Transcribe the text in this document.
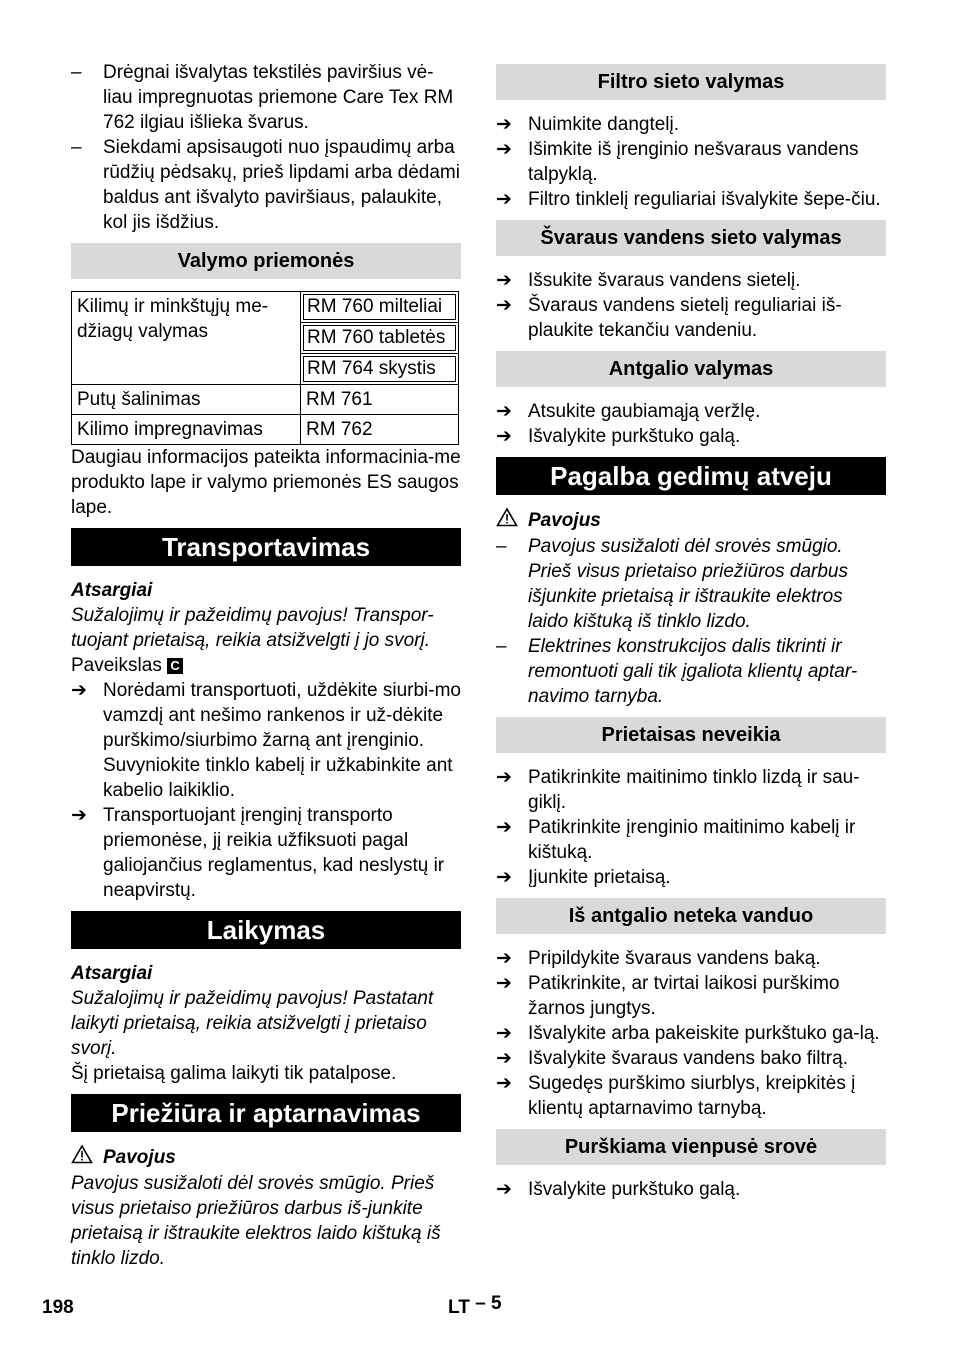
–	Drėgnai išvalytas tekstilės paviršius vė-liau impregnuotas priemone Care Tex RM 762 ilgiau išlieka švarus.
–	Siekdami apsisaugoti nuo įspaudimų arba rūdžių pėdsakų, prieš lipdami arba dėdami baldus ant išvalyto paviršiaus, palaukite, kol jis išdžius.
Valymo priemonės
Kilimų ir minkštųjų me-džiagų valymas	RM 760 milteliai

	RM 760 tabletės

	RM 764 skystis

Putų šalinimas	RM 761
Kilimo impregnavimas	RM 762
Daugiau informacijos pateikta informacinia-me produkto lape ir valymo priemonės ES saugos lape.
Transportavimas
Atsargiai
Sužalojimų ir pažeidimų pavojus! Transpor-tuojant prietaisą, reikia atsižvelgti į jo svorį.
Paveikslas C
➔ Norėdami transportuoti, uždėkite siurbi-mo vamzdį ant nešimo rankenos ir už-dėkite purškimo/siurbimo žarną ant įrenginio.
Suvyniokite tinklo kabelį ir užkabinkite ant kabelio laikiklio.
➔ Transportuojant įrenginį transporto priemonėse, jį reikia užfiksuoti pagal galiojančius reglamentus, kad neslystų ir neapvirstų.
Laikymas
Atsargiai
Sužalojimų ir pažeidimų pavojus! Pastatant laikyti prietaisą, reikia atsižvelgti į prietaiso svorį.
Šį prietaisą galima laikyti tik patalpose.
Priežiūra ir aptarnavimas
Pavojus
Pavojus susižaloti dėl srovės smūgio. Prieš visus prietaiso priežiūros darbus iš-junkite prietaisą ir ištraukite elektros laido kištuką iš tinklo lizdo.
Filtro sieto valymas
➔ Nuimkite dangtelį.
➔ Išimkite iš įrenginio nešvaraus vandens talpyklą.
➔ Filtro tinklelį reguliariai išvalykite šepe-čiu.
Švaraus vandens sieto valymas
➔ Išsukite švaraus vandens sietelį.
➔ Švaraus vandens sietelį reguliariai iš-plaukite tekančiu vandeniu.
Antgalio valymas
➔ Atsukite gaubiamąją veržlę.
➔ Išvalykite purkštuko galą.
Pagalba gedimų atveju
Pavojus
–	Pavojus susižaloti dėl srovės smūgio. Prieš visus prietaiso priežiūros darbus išjunkite prietaisą ir ištraukite elektros laido kištuką iš tinklo lizdo.
–	Elektrines konstrukcijos dalis tikrinti ir remontuoti gali tik įgaliota klientų aptar-navimo tarnyba.
Prietaisas neveikia
➔ Patikrinkite maitinimo tinklo lizdą ir sau-giklį.
➔ Patikrinkite įrenginio maitinimo kabelį ir kištuką.
➔ Įjunkite prietaisą.
Iš antgalio neteka vanduo
➔ Pripildykite švaraus vandens baką.
➔ Patikrinkite, ar tvirtai laikosi purškimo žarnos jungtys.
➔ Išvalykite arba pakeiskite purkštuko ga-lą.
➔ Išvalykite švaraus vandens bako filtrą.
➔ Sugedęs purškimo siurblys, kreipkitės į klientų aptarnavimo tarnybą.
Purškiama vienpusė srovė
➔ Išvalykite purkštuko galą.
198	LT – 5
